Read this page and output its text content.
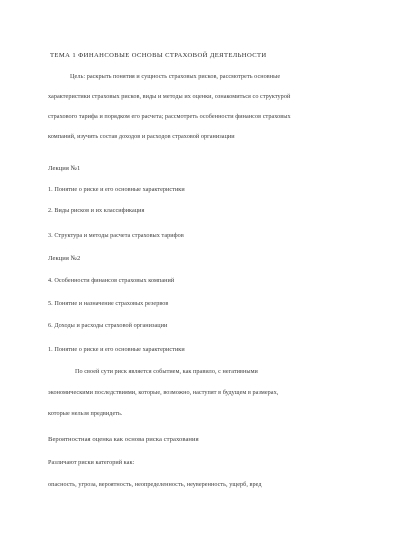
ТЕМА 1 ФИНАНСОВЫЕ ОСНОВЫ СТРАХОВОЙ ДЕЯТЕЛЬНОСТИ
Цель: раскрыть понятия и сущность страховых рисков, рассмотреть основные
характеристики страховых рисков, виды и методы их оценки, ознакомиться со структурой
страхового тарифа и порядком его расчета; рассмотреть особенности финансов страховых
компаний, изучить состав доходов и расходов страховой организации
Лекция №1
1. Понятие о риске и его основные характеристики
2. Виды рисков и их классификация
3. Структура и методы расчета страховых тарифов
Лекция №2
4. Особенности финансов страховых компаний
5. Понятие и назначение страховых резервов
6. Доходы и расходы страховой организации
1. Понятие о риске и его основные характеристики
По своей сути риск является событием, как правило, с негативными
экономическими последствиями, которые, возможно, наступят в будущем в размерах,
которые нельзя предвидеть.
Вероятностная оценка как основа риска страхования
Различают риски категорий как:
опасность, угроза, вероятность, неопределенность, неуверенность, ущерб, вред
